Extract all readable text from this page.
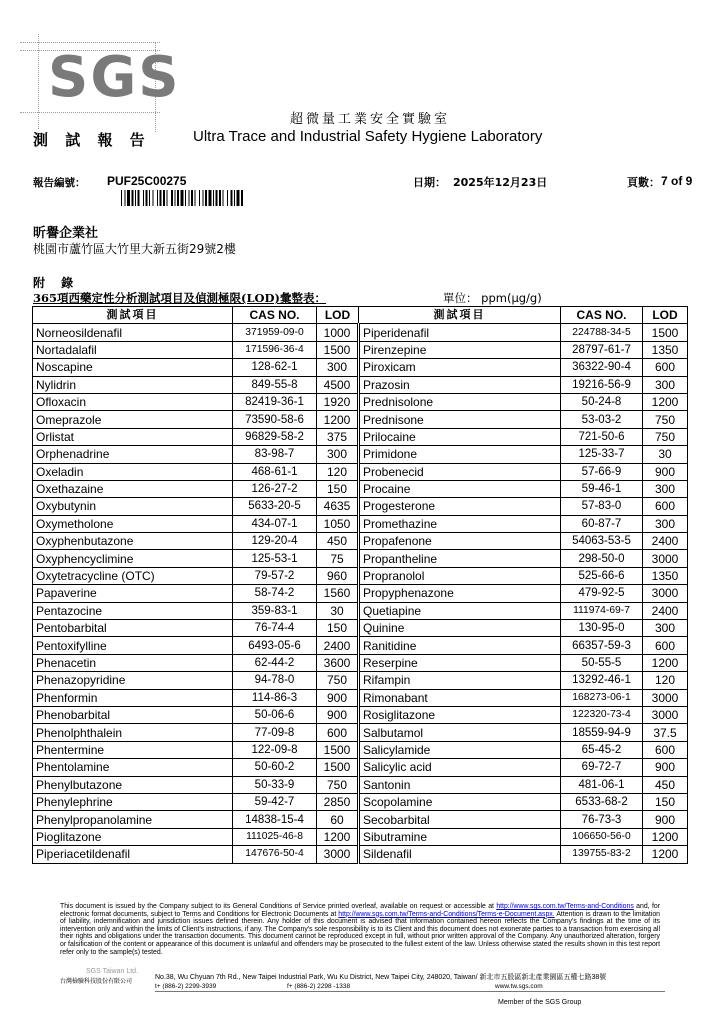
SGS
超微量工業安全實驗室
測 試 報 告	Ultra Trace and Industrial Safety Hygiene Laboratory
報告編號： PUF25C00275	日期： 2025年12月23日	頁數： 7 of 9
昕譽企業社
桃園市蘆竹區大竹里大新五街29號2樓
附 錄
365項西藥定性分析測試項目及偵測極限(LOD)彙整表：	單位： ppm(μg/g)
測試項目	CAS NO.	LOD	測試項目	CAS NO.	LOD
Norneosildenafil	371959-09-0	1000	Piperidenafil	224788-34-5	1500
Nortadalafil	171596-36-4	1500	Pirenzepine	28797-61-7	1350
Noscapine	128-62-1	300	Piroxicam	36322-90-4	600
Nylidrin	849-55-8	4500	Prazosin	19216-56-9	300
Ofloxacin	82419-36-1	1920	Prednisolone	50-24-8	1200
Omeprazole	73590-58-6	1200	Prednisone	53-03-2	750
Orlistat	96829-58-2	375	Prilocaine	721-50-6	750
Orphenadrine	83-98-7	300	Primidone	125-33-7	30
Oxeladin	468-61-1	120	Probenecid	57-66-9	900
Oxethazaine	126-27-2	150	Procaine	59-46-1	300
Oxybutynin	5633-20-5	4635	Progesterone	57-83-0	600
Oxymetholone	434-07-1	1050	Promethazine	60-87-7	300
Oxyphenbutazone	129-20-4	450	Propafenone	54063-53-5	2400
Oxyphencyclimine	125-53-1	75	Propantheline	298-50-0	3000
Oxytetracycline (OTC)	79-57-2	960	Propranolol	525-66-6	1350
Papaverine	58-74-2	1560	Propyphenazone	479-92-5	3000
Pentazocine	359-83-1	30	Quetiapine	111974-69-7	2400
Pentobarbital	76-74-4	150	Quinine	130-95-0	300
Pentoxifylline	6493-05-6	2400	Ranitidine	66357-59-3	600
Phenacetin	62-44-2	3600	Reserpine	50-55-5	1200
Phenazopyridine	94-78-0	750	Rifampin	13292-46-1	120
Phenformin	114-86-3	900	Rimonabant	168273-06-1	3000
Phenobarbital	50-06-6	900	Rosiglitazone	122320-73-4	3000
Phenolphthalein	77-09-8	600	Salbutamol	18559-94-9	37.5
Phentermine	122-09-8	1500	Salicylamide	65-45-2	600
Phentolamine	50-60-2	1500	Salicylic acid	69-72-7	900
Phenylbutazone	50-33-9	750	Santonin	481-06-1	450
Phenylephrine	59-42-7	2850	Scopolamine	6533-68-2	150
Phenylpropanolamine	14838-15-4	60	Secobarbital	76-73-3	900
Pioglitazone	111025-46-8	1200	Sibutramine	106650-56-0	1200
Piperiacetildenafil	147676-50-4	3000	Sildenafil	139755-83-2	1200
This document is issued by the Company subject to its General Conditions of Service printed overleaf, available on request or accessible at http://www.sgs.com.tw/Terms-and-Conditions and, for electronic format documents, subject to Terms and Conditions for Electronic Documents at http://www.sgs.com.tw/Terms-and-Conditions/Terms-e-Document.aspx. Attention is drawn to the limitation of liability, indemnification and jurisdiction issues defined therein. Any holder of this document is advised that information contained hereon reflects the Company's findings at the time of its intervention only and within the limits of Client's instructions, if any. The Company's sole responsibility is to its Client and this document does not exonerate parties to a transaction from exercising all their rights and obligations under the transaction documents. This document cannot be reproduced except in full, without prior written approval of the Company. Any unauthorized alteration, forgery or falsification of the content or appearance of this document is unlawful and offenders may be prosecuted to the fullest extent of the law. Unless otherwise stated the results shown in this test report refer only to the sample(s) tested.
SGS Taiwan Ltd.
台灣檢驗科技股份有限公司
No.38, Wu Chyuan 7th Rd., New Taipei Industrial Park, Wu Ku District, New Taipei City, 248020, Taiwan/ 新北市五股區新北產業園區五權七路38號
t+ (886-2) 2299-3939	f+ (886-2) 2298 -1338	www.tw.sgs.com
Member of the SGS Group
